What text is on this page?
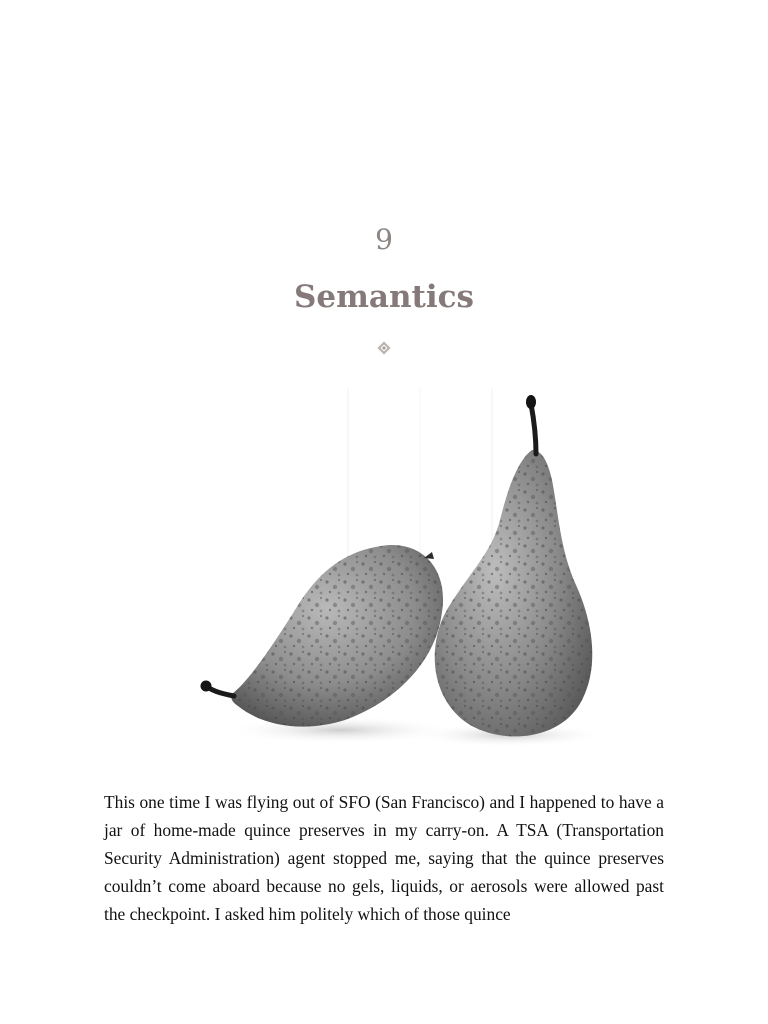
9
Semantics

This one time I was flying out of SFO (San Francisco) and I happened to have a jar of home-made quince preserves in my carry-on. A TSA (Transportation Security Administration) agent stopped me, saying that the quince preserves couldn’t come aboard because no gels, liquids, or aerosols were allowed past the checkpoint. I asked him politely which of those quince
